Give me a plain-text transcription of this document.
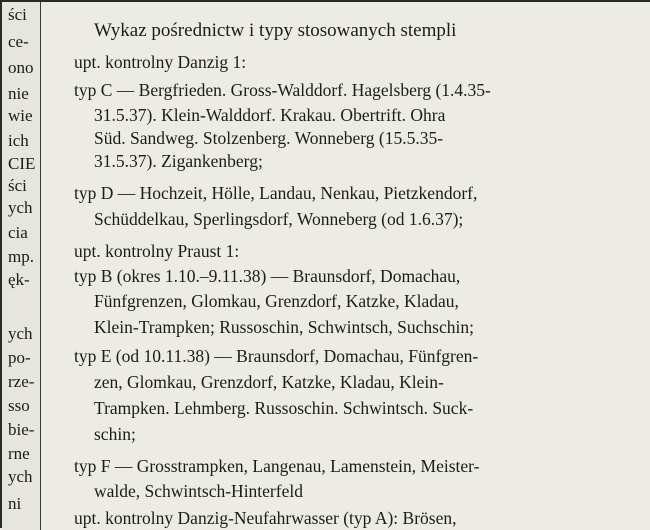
ści
ce-
ono
nie
wie
ich
CIE
ści
ych
cia
mp.
ęk-
ych
po-
rze-
sso
bie-
rne
ych
ni
Wykaz pośrednictw i typy stosowanych stempli
upt. kontrolny Danzig 1:
typ C — Bergfrieden. Gross-Walddorf. Hagelsberg (1.4.35-
31.5.37). Klein-Walddorf. Krakau. Obertrift. Ohra
Süd. Sandweg. Stolzenberg. Wonneberg (15.5.35-
31.5.37). Zigankenberg;
typ D — Hochzeit, Hölle, Landau, Nenkau, Pietzkendorf,
Schüddelkau, Sperlingsdorf, Wonneberg (od 1.6.37);
upt. kontrolny Praust 1:
typ B (okres 1.10.–9.11.38) — Braunsdorf, Domachau,
Fünfgrenzen, Glomkau, Grenzdorf, Katzke, Kladau,
Klein-Trampken; Russoschin, Schwintsch, Suchschin;
typ E (od 10.11.38) — Braunsdorf, Domachau, Fünfgren-
zen, Glomkau, Grenzdorf, Katzke, Kladau, Klein-
Trampken. Lehmberg. Russoschin. Schwintsch. Suck-
schin;
typ F — Grosstrampken, Langenau, Lamenstein, Meister-
walde, Schwintsch-Hinterfeld
upt. kontrolny Danzig-Neufahrwasser (typ A): Brösen,
